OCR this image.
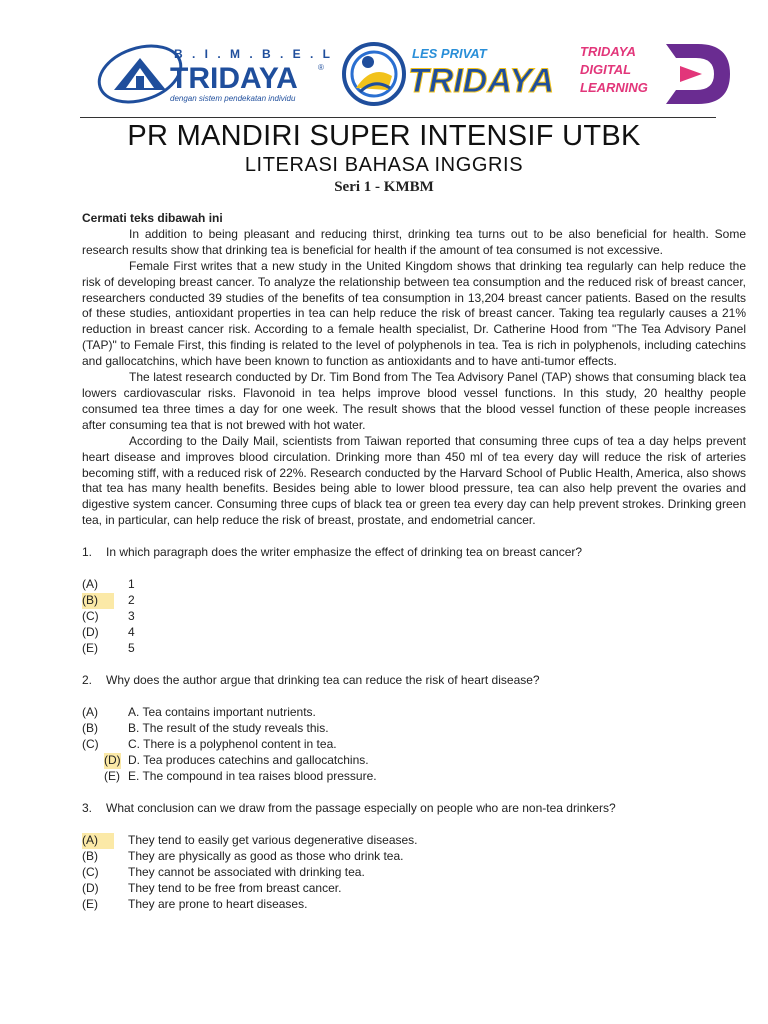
B . I . M . B . E . L
TRIDAYA	®
dengan sistem pendekatan individu
LES PRIVAT
TRIDAYA
TRIDAYA
DIGITAL
LEARNING
PR MANDIRI SUPER INTENSIF UTBK
LITERASI BAHASA INGGRIS
Seri 1 - KMBM
Cermati teks dibawah ini

In addition to being pleasant and reducing thirst, drinking tea turns out to be also beneficial for health. Some research results show that drinking tea is beneficial for health if the amount of tea consumed is not excessive.

Female First writes that a new study in the United Kingdom shows that drinking tea regularly can help reduce the risk of developing breast cancer. To analyze the relationship between tea consumption and the reduced risk of breast cancer, researchers conducted 39 studies of the benefits of tea consumption in 13,204 breast cancer patients. Based on the results of these studies, antioxidant properties in tea can help reduce the risk of breast cancer. Taking tea regularly causes a 21% reduction in breast cancer risk. According to a female health specialist, Dr. Catherine Hood from "The Tea Advisory Panel (TAP)" to Female First, this finding is related to the level of polyphenols in tea. Tea is rich in polyphenols, including catechins and gallocatchins, which have been known to function as antioxidants and to have anti-tumor effects.

The latest research conducted by Dr. Tim Bond from The Tea Advisory Panel (TAP) shows that consuming black tea lowers cardiovascular risks. Flavonoid in tea helps improve blood vessel functions. In this study, 20 healthy people consumed tea three times a day for one week. The result shows that the blood vessel function of these people increases after consuming tea that is not brewed with hot water.

According to the Daily Mail, scientists from Taiwan reported that consuming three cups of tea a day helps prevent heart disease and improves blood circulation. Drinking more than 450 ml of tea every day will reduce the risk of arteries becoming stiff, with a reduced risk of 22%. Research conducted by the Harvard School of Public Health, America, also shows that tea has many health benefits. Besides being able to lower blood pressure, tea can also help prevent the ovaries and digestive system cancer. Consuming three cups of black tea or green tea every day can help prevent strokes. Drinking green tea, in particular, can help reduce the risk of breast, prostate, and endometrial cancer.

1. In which paragraph does the writer emphasize the effect of drinking tea on breast cancer?
(A)	1
(B)	2
(C) 3
(D) 4
(E)	5
2. Why does the author argue that drinking tea can reduce the risk of heart disease?
(A)	A. Tea contains important nutrients.
(B)	B. The result of the study reveals this.
(C) C. There is a polyphenol content in tea.
(D) D. Tea produces catechins and gallocatchins.
(E) E. The compound in tea raises blood pressure.
3. What conclusion can we draw from the passage especially on people who are non-tea drinkers?
(A)	They tend to easily get various degenerative diseases.
(B)	They are physically as good as those who drink tea.
(C) They cannot be associated with drinking tea.
(D) They tend to be free from breast cancer.
(E)	They are prone to heart diseases.
